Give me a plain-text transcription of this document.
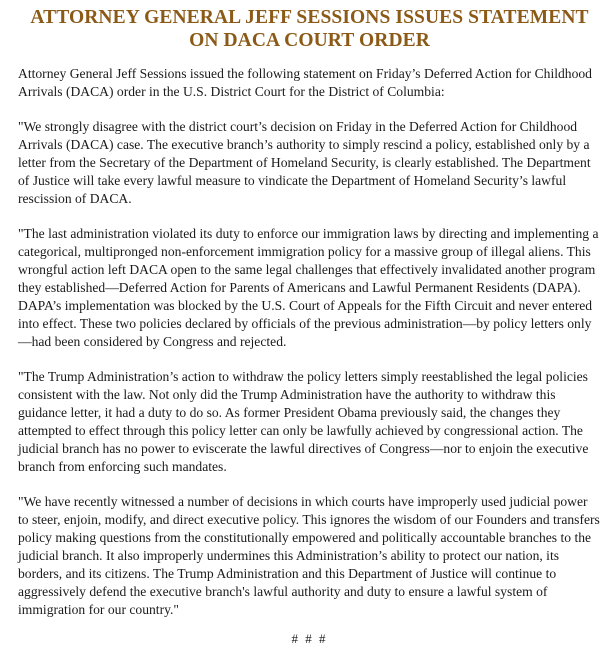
ATTORNEY GENERAL JEFF SESSIONS ISSUES STATEMENT
ON DACA COURT ORDER

Attorney General Jeff Sessions issued the following statement on Friday’s Deferred Action for Childhood Arrivals (DACA) order in the U.S. District Court for the District of Columbia:

"We strongly disagree with the district court’s decision on Friday in the Deferred Action for Childhood Arrivals (DACA) case. The executive branch’s authority to simply rescind a policy, established only by a letter from the Secretary of the Department of Homeland Security, is clearly established. The Department of Justice will take every lawful measure to vindicate the Department of Homeland Security’s lawful rescission of DACA.

"The last administration violated its duty to enforce our immigration laws by directing and implementing a categorical, multipronged non-enforcement immigration policy for a massive group of illegal aliens. This wrongful action left DACA open to the same legal challenges that effectively invalidated another program they established—Deferred Action for Parents of Americans and Lawful Permanent Residents (DAPA). DAPA’s implementation was blocked by the U.S. Court of Appeals for the Fifth Circuit and never entered into effect. These two policies declared by officials of the previous administration—by policy letters only—had been considered by Congress and rejected.

"The Trump Administration’s action to withdraw the policy letters simply reestablished the legal policies consistent with the law. Not only did the Trump Administration have the authority to withdraw this guidance letter, it had a duty to do so. As former President Obama previously said, the changes they attempted to effect through this policy letter can only be lawfully achieved by congressional action. The judicial branch has no power to eviscerate the lawful directives of Congress—nor to enjoin the executive branch from enforcing such mandates.

"We have recently witnessed a number of decisions in which courts have improperly used judicial power to steer, enjoin, modify, and direct executive policy. This ignores the wisdom of our Founders and transfers policy making questions from the constitutionally empowered and politically accountable branches to the judicial branch. It also improperly undermines this Administration’s ability to protect our nation, its borders, and its citizens. The Trump Administration and this Department of Justice will continue to aggressively defend the executive branch's lawful authority and duty to ensure a lawful system of immigration for our country."

# # #
